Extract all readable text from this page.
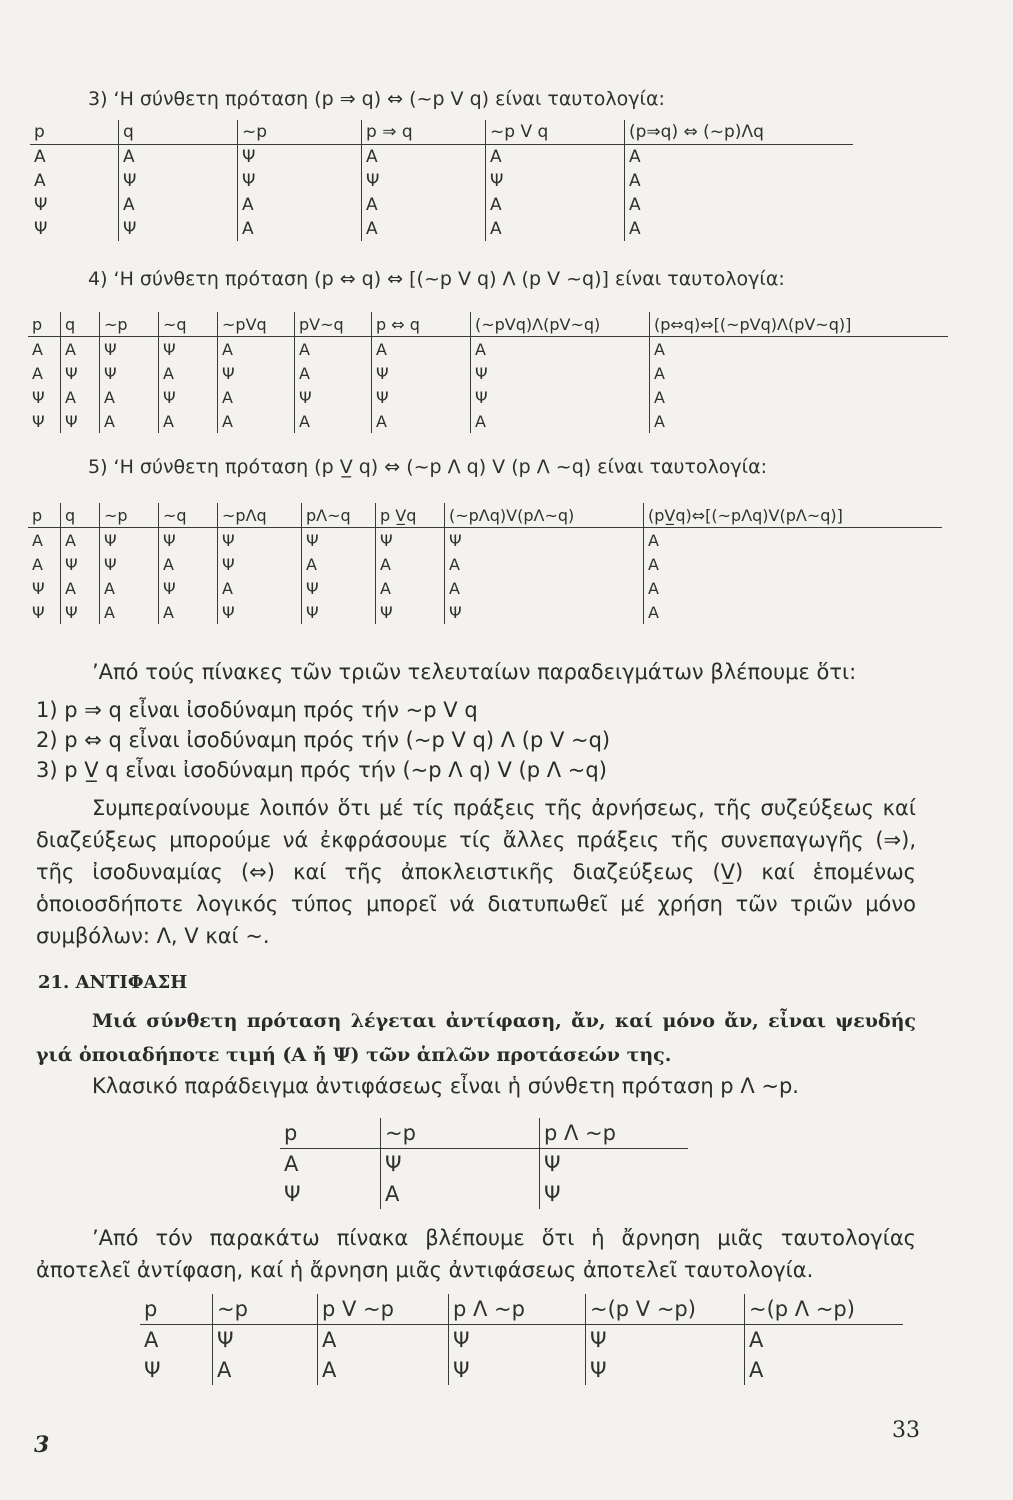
3) ‘Η σύνθετη πρόταση (p ⇒ q) ⇔ (~p V q) είναι ταυτολογία:
p	q	~p	p ⇒ q	~p V q	(p⇒q) ⇔ (~p)Λq
Α	Α	Ψ	Α	Α	Α
Α	Ψ	Ψ	Ψ	Ψ	Α
Ψ	Α	Α	Α	Α	Α
Ψ	Ψ	Α	Α	Α	Α
4) ‘Η σύνθετη πρόταση (p ⇔ q) ⇔ [(~p V q) Λ (p V ~q)] είναι ταυτολογία:
p	q	~p	~q	~pVq	pV~q	p ⇔ q	(~pVq)Λ(pV~q)	(p⇔q)⇔[(~pVq)Λ(pV~q)]
Α	Α	Ψ	Ψ	Α	Α	Α	Α	Α
Α	Ψ	Ψ	Α	Ψ	Α	Ψ	Ψ	Α
Ψ	Α	Α	Ψ	Α	Ψ	Ψ	Ψ	Α
Ψ	Ψ	Α	Α	Α	Α	Α	Α	Α
5) ‘Η σύνθετη πρόταση (p V̲ q) ⇔ (~p Λ q) V (p Λ ~q) είναι ταυτολογία:
p	q	~p	~q	~pΛq	pΛ~q	p V̲q	(~pΛq)V(pΛ~q)	(pV̲q)⇔[(~pΛq)V(pΛ~q)]
Α	Α	Ψ	Ψ	Ψ	Ψ	Ψ	Ψ	Α
Α	Ψ	Ψ	Α	Ψ	Α	Α	Α	Α
Ψ	Α	Α	Ψ	Α	Ψ	Α	Α	Α
Ψ	Ψ	Α	Α	Ψ	Ψ	Ψ	Ψ	Α
’Από τούς πίνακες τῶν τριῶν τελευταίων παραδειγμάτων βλέπουμε ὅτι:
1) p ⇒ q εἶναι ἰσοδύναμη πρός τήν ~p V q
2) p ⇔ q εἶναι ἰσοδύναμη πρός τήν (~p V q) Λ (p V ~q)
3) p V̲ q εἶναι ἰσοδύναμη πρός τήν (~p Λ q) V (p Λ ~q)
Συμπεραίνουμε λοιπόν ὅτι μέ τίς πράξεις τῆς ἀρνήσεως, τῆς συζεύξεως καί διαζεύξεως μπορούμε νά ἐκφράσουμε τίς ἄλλες πράξεις τῆς συνεπαγωγῆς (⇒), τῆς ἰσοδυναμίας (⇔) καί τῆς ἀποκλειστικῆς διαζεύξεως (V̲) καί ἑπομένως ὁποιοσδήποτε λογικός τύπος μπορεῖ νά διατυπωθεῖ μέ χρήση τῶν τριῶν μόνο συμβόλων: Λ, V καί ~.
21. ΑΝΤΙΦΑΣΗ
Μιά σύνθετη πρόταση λέγεται ἀντίφαση, ἄν, καί μόνο ἄν, εἶναι ψευδής γιά ὁποιαδήποτε τιμή (Α ἤ Ψ) τῶν ἁπλῶν προτάσεών της.
Κλασικό παράδειγμα ἀντιφάσεως εἶναι ἡ σύνθετη πρόταση p Λ ~p.
p	~p	p Λ ~p
Α	Ψ	Ψ
Ψ	Α	Ψ
’Από τόν παρακάτω πίνακα βλέπουμε ὅτι ἡ ἄρνηση μιᾶς ταυτολογίας ἀποτελεῖ ἀντίφαση, καί ἡ ἄρνηση μιᾶς ἀντιφάσεως ἀποτελεῖ ταυτολογία.
p	~p	p V ~p	p Λ ~p	~(p V ~p)	~(p Λ ~p)
Α	Ψ	Α	Ψ	Ψ	Α
Ψ	Α	Α	Ψ	Ψ	Α
3
33
